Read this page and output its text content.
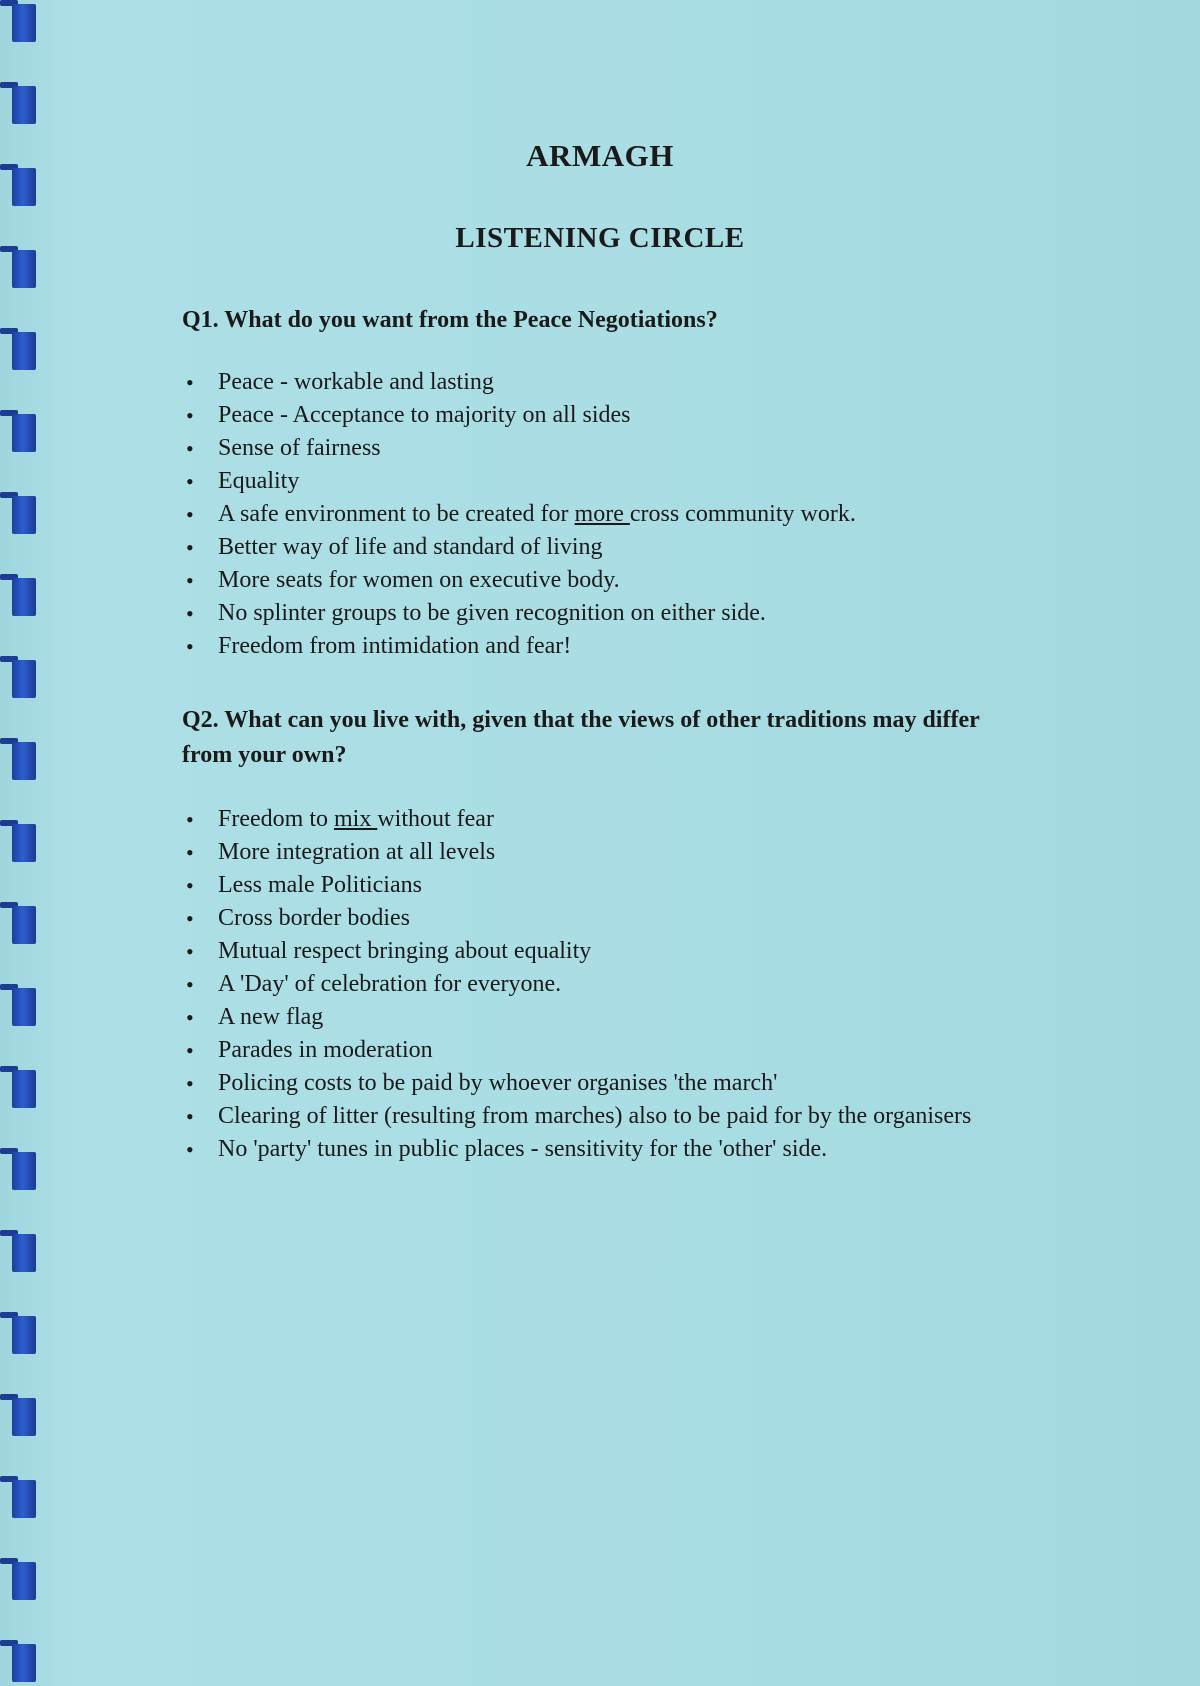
ARMAGH
LISTENING CIRCLE
Q1. What do you want from the Peace Negotiations?
• Peace - workable and lasting
• Peace - Acceptance to majority on all sides
• Sense of fairness
• Equality
• A safe environment to be created for more cross community work.
• Better way of life and standard of living
• More seats for women on executive body.
• No splinter groups to be given recognition on either side.
• Freedom from intimidation and fear!
Q2. What can you live with, given that the views of other traditions may differ from your own?
• Freedom to mix without fear
• More integration at all levels
• Less male Politicians
• Cross border bodies
• Mutual respect bringing about equality
• A 'Day' of celebration for everyone.
• A new flag
• Parades in moderation
• Policing costs to be paid by whoever organises 'the march'
• Clearing of litter (resulting from marches) also to be paid for by the organisers
• No 'party' tunes in public places - sensitivity for the 'other' side.
